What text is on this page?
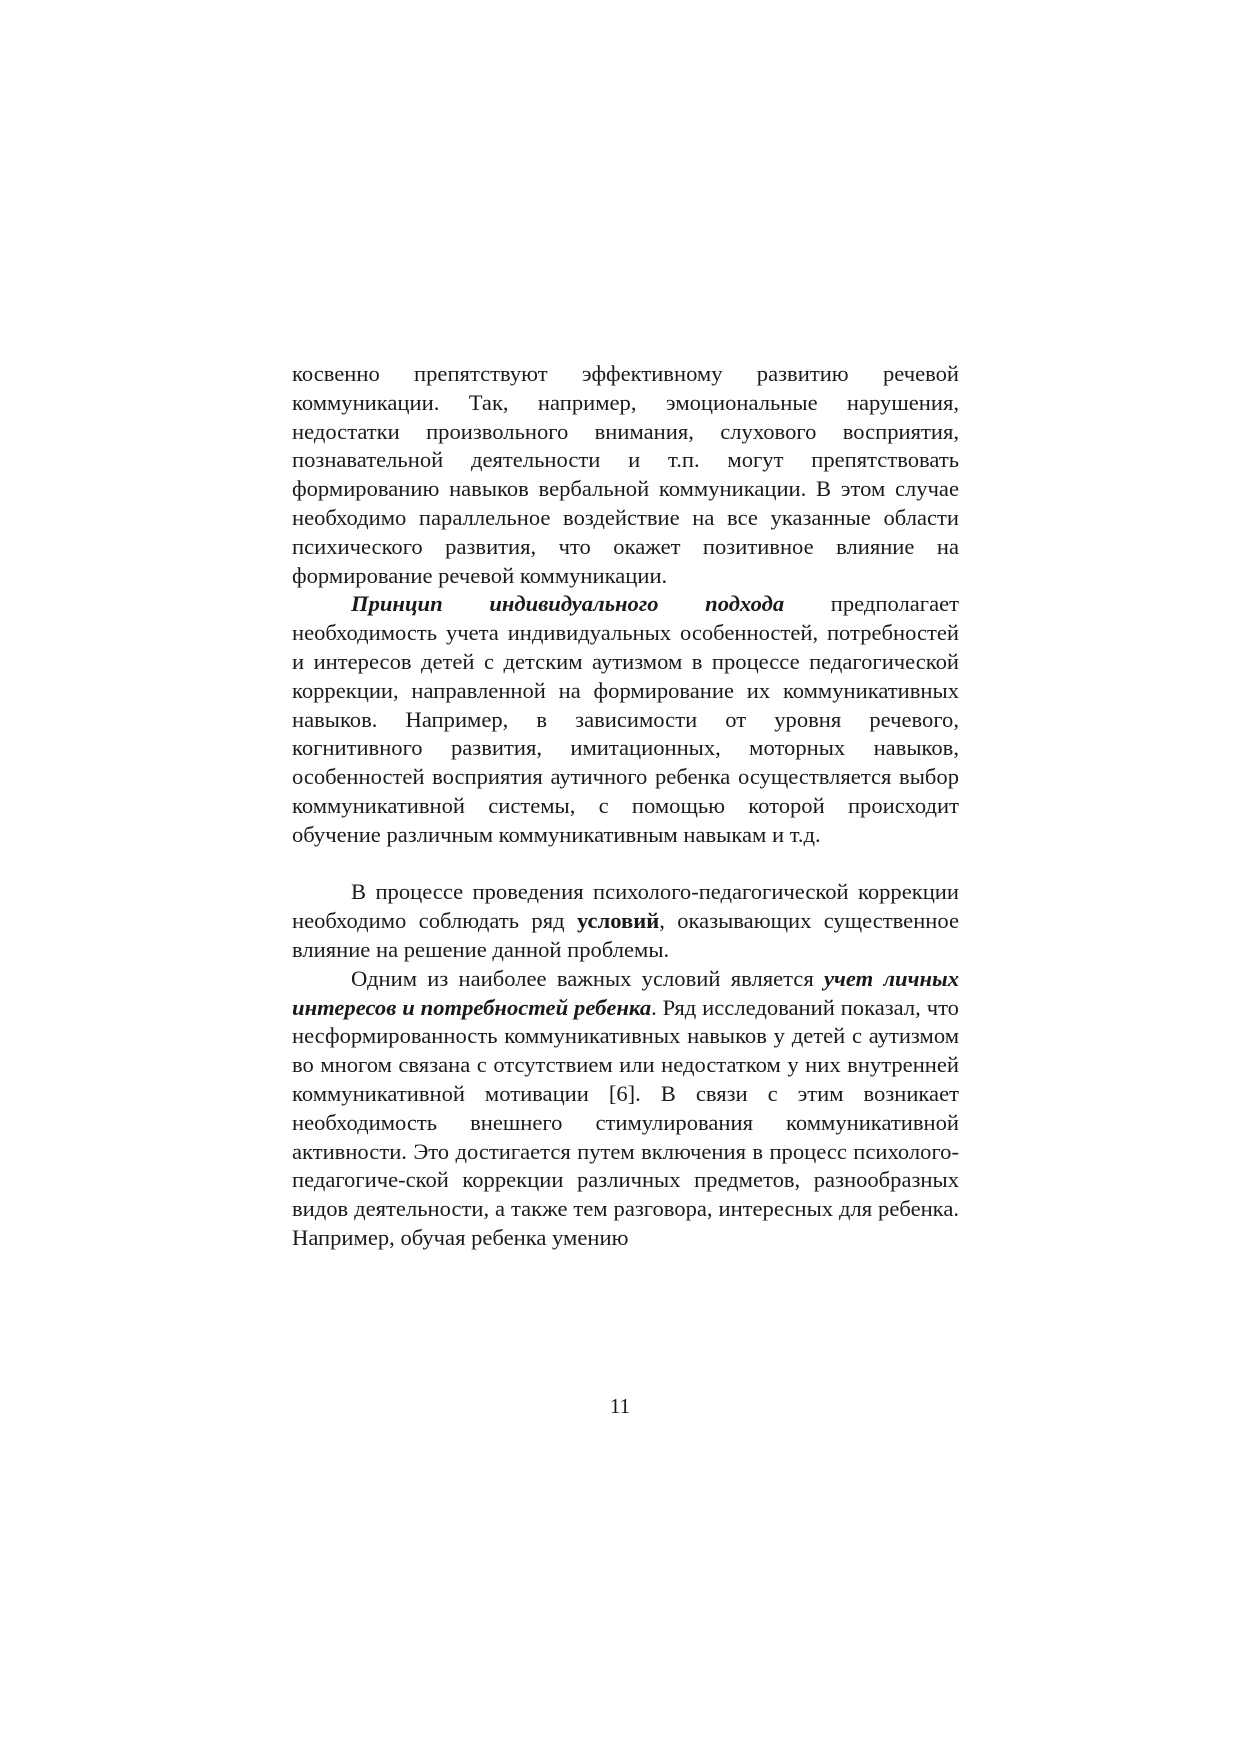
косвенно препятствуют эффективному развитию речевой коммуникации. Так, например, эмоциональные нарушения, недостатки произвольного внимания, слухового восприятия, познавательной деятельности и т.п. могут препятствовать формированию навыков вербальной коммуникации. В этом случае необходимо параллельное воздействие на все указанные области психического развития, что окажет позитивное влияние на формирование речевой коммуникации.

Принцип индивидуального подхода предполагает необходимость учета индивидуальных особенностей, потребностей и интересов детей с детским аутизмом в процессе педагогической коррекции, направленной на формирование их коммуникативных навыков. Например, в зависимости от уровня речевого, когнитивного развития, имитационных, моторных навыков, особенностей восприятия аутичного ребенка осуществляется выбор коммуникативной системы, с помощью которой происходит обучение различным коммуникативным навыкам и т.д.

В процессе проведения психолого-педагогической коррекции необходимо соблюдать ряд условий, оказывающих существенное влияние на решение данной проблемы.

Одним из наиболее важных условий является учет личных интересов и потребностей ребенка. Ряд исследований показал, что несформированность коммуникативных навыков у детей с аутизмом во многом связана с отсутствием или недостатком у них внутренней коммуникативной мотивации [6]. В связи с этим возникает необходимость внешнего стимулирования коммуникативной активности. Это достигается путем включения в процесс психолого-педагогиче-ской коррекции различных предметов, разнообразных видов деятельности, а также тем разговора, интересных для ребенка. Например, обучая ребенка умению

11
